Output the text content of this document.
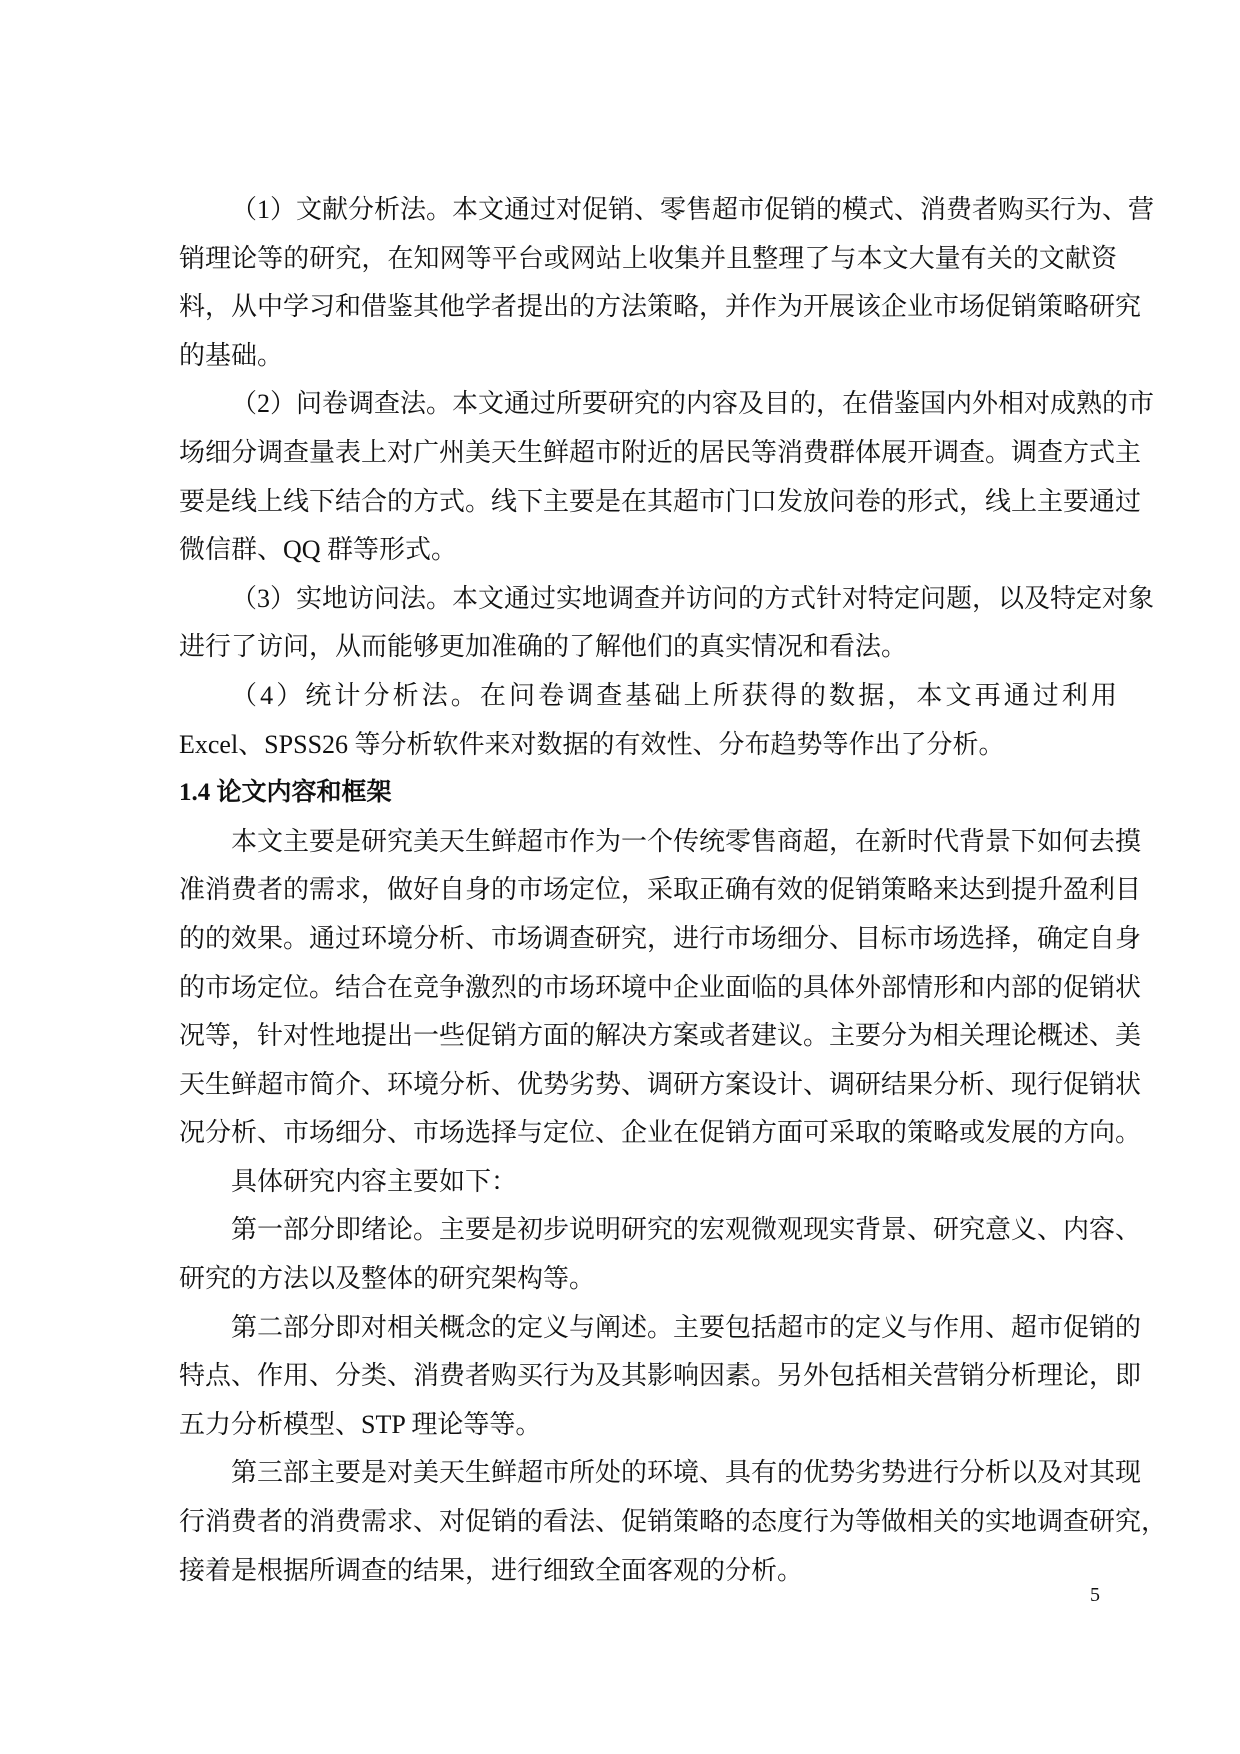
（1）文献分析法。本文通过对促销、零售超市促销的模式、消费者购买行为、营
销理论等的研究，在知网等平台或网站上收集并且整理了与本文大量有关的文献资
料，从中学习和借鉴其他学者提出的方法策略，并作为开展该企业市场促销策略研究
的基础。
（2）问卷调查法。本文通过所要研究的内容及目的，在借鉴国内外相对成熟的市
场细分调查量表上对广州美天生鲜超市附近的居民等消费群体展开调查。调查方式主
要是线上线下结合的方式。线下主要是在其超市门口发放问卷的形式，线上主要通过
微信群、QQ 群等形式。
（3）实地访问法。本文通过实地调查并访问的方式针对特定问题，以及特定对象
进行了访问，从而能够更加准确的了解他们的真实情况和看法。
（4）统计分析法。在问卷调查基础上所获得的数据，本文再通过利用
Excel、SPSS26 等分析软件来对数据的有效性、分布趋势等作出了分析。
1.4 论文内容和框架
本文主要是研究美天生鲜超市作为一个传统零售商超，在新时代背景下如何去摸
准消费者的需求，做好自身的市场定位，采取正确有效的促销策略来达到提升盈利目
的的效果。通过环境分析、市场调查研究，进行市场细分、目标市场选择，确定自身
的市场定位。结合在竞争激烈的市场环境中企业面临的具体外部情形和内部的促销状
况等，针对性地提出一些促销方面的解决方案或者建议。主要分为相关理论概述、美
天生鲜超市简介、环境分析、优势劣势、调研方案设计、调研结果分析、现行促销状
况分析、市场细分、市场选择与定位、企业在促销方面可采取的策略或发展的方向。
具体研究内容主要如下：
第一部分即绪论。主要是初步说明研究的宏观微观现实背景、研究意义、内容、
研究的方法以及整体的研究架构等。
第二部分即对相关概念的定义与阐述。主要包括超市的定义与作用、超市促销的
特点、作用、分类、消费者购买行为及其影响因素。另外包括相关营销分析理论，即
五力分析模型、STP 理论等等。
第三部主要是对美天生鲜超市所处的环境、具有的优势劣势进行分析以及对其现
行消费者的消费需求、对促销的看法、促销策略的态度行为等做相关的实地调查研究，
接着是根据所调查的结果，进行细致全面客观的分析。
5
